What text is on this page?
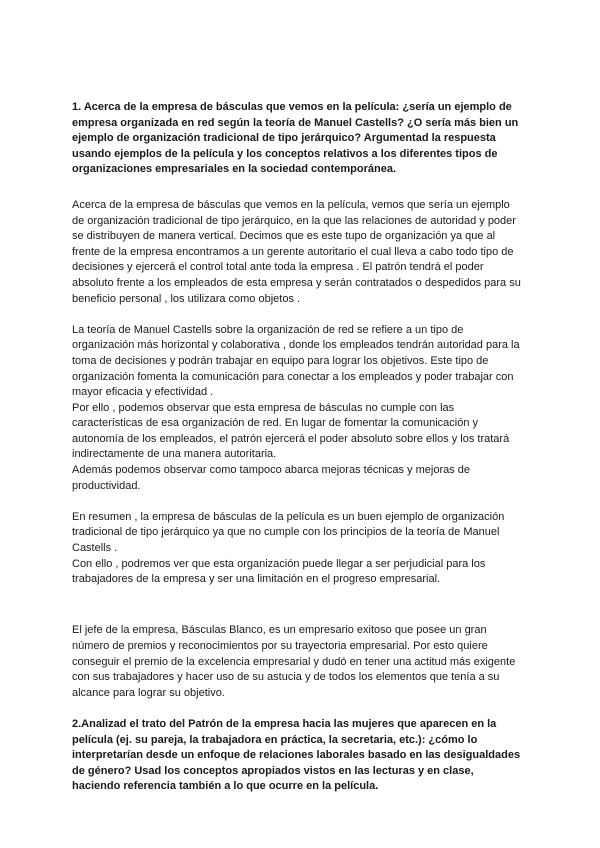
1. Acerca de la empresa de básculas que vemos en la película: ¿sería un ejemplo de
empresa organizada en red según la teoría de Manuel Castells? ¿O sería más bien un
ejemplo de organización tradicional de tipo jerárquico? Argumentad la respuesta
usando ejemplos de la película y los conceptos relativos a los diferentes tipos de
organizaciones empresariales en la sociedad contemporánea.
Acerca de la empresa de básculas que vemos en la película, vemos que sería un ejemplo
de organización tradicional de tipo jerárquico, en la que las relaciones de autoridad y poder
se distribuyen de manera vertical. Decimos que es este tupo de organización ya que al
frente de la empresa encontramos a un gerente autoritario el cual lleva a cabo todo tipo de
decisiones y ejercerá el control total ante toda la empresa . El patrón tendrá el poder
absoluto frente a los empleados de esta empresa y serán contratados o despedidos para su
beneficio personal , los utilizara como objetos .
La teoría de Manuel Castells sobre la organización de red se refiere a un tipo de
organización más horizontal y colaborativa , donde los empleados tendrán autoridad para la
toma de decisiones y podrán trabajar en equipo para lograr los objetivos. Este tipo de
organización fomenta la comunicación para conectar a los empleados y poder trabajar con
mayor eficacia y efectividad .
Por ello , podemos observar que esta empresa de básculas no cumple con las
características de esa organización de red. En lugar de fomentar la comunicación y
autonomía de los empleados, el patrón ejercerá el poder absoluto sobre ellos y los tratará
indirectamente de una manera autoritaria.
Además podemos observar como tampoco abarca mejoras técnicas y mejoras de
productividad.
En resumen , la empresa de básculas de la película es un buen ejemplo de organización
tradicional de tipo jerárquico ya que no cumple con los principios de la teoría de Manuel
Castells .
Con ello , podremos ver que esta organización puede llegar a ser perjudicial para los
trabajadores de la empresa y ser una limitación en el progreso empresarial.
El jefe de la empresa, Básculas Blanco, es un empresario exitoso que posee un gran
número de premios y reconocimientos por su trayectoria empresarial. Por esto quiere
conseguir el premio de la excelencia empresarial y dudó en tener una actitud más exigente
con sus trabajadores y hacer uso de su astucia y de todos los elementos que tenía a su
alcance para lograr su objetivo.
2.Analizad el trato del Patrón de la empresa hacia las mujeres que aparecen en la
película (ej. su pareja, la trabajadora en práctica, la secretaria, etc.): ¿cómo lo
interpretarían desde un enfoque de relaciones laborales basado en las desigualdades
de género? Usad los conceptos apropiados vistos en las lecturas y en clase,
haciendo referencia también a lo que ocurre en la película.
